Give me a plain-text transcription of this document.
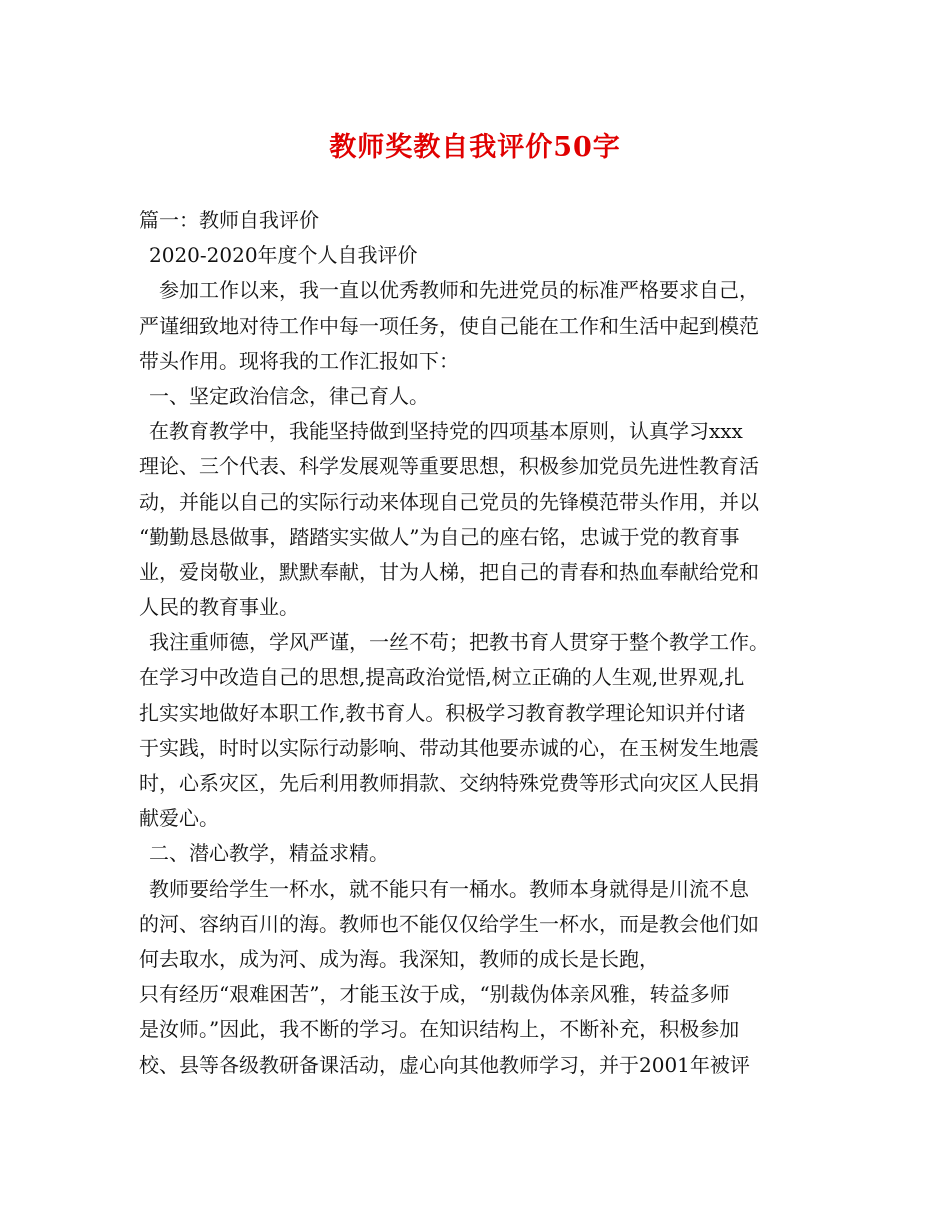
教师奖教自我评价50字

篇一：教师自我评价

2020-2020年度个人自我评价

参加工作以来，我一直以优秀教师和先进党员的标准严格要求自己，

严谨细致地对待工作中每一项任务，使自己能在工作和生活中起到模范

带头作用。现将我的工作汇报如下：

一、坚定政治信念，律己育人。

在教育教学中，我能坚持做到坚持党的四项基本原则，认真学习xxx

理论、三个代表、科学发展观等重要思想，积极参加党员先进性教育活

动，并能以自己的实际行动来体现自己党员的先锋模范带头作用，并以

“勤勤恳恳做事，踏踏实实做人”为自己的座右铭，忠诚于党的教育事

业，爱岗敬业，默默奉献，甘为人梯，把自己的青春和热血奉献给党和

人民的教育事业。

我注重师德，学风严谨，一丝不苟；把教书育人贯穿于整个教学工作。

在学习中改造自己的思想,提高政治觉悟,树立正确的人生观,世界观,扎

扎实实地做好本职工作,教书育人。积极学习教育教学理论知识并付诸

于实践，时时以实际行动影响、带动其他要赤诚的心，在玉树发生地震

时，心系灾区，先后利用教师捐款、交纳特殊党费等形式向灾区人民捐

献爱心。

二、潜心教学，精益求精。

教师要给学生一杯水，就不能只有一桶水。教师本身就得是川流不息

的河、容纳百川的海。教师也不能仅仅给学生一杯水，而是教会他们如

何去取水，成为河、成为海。我深知，教师的成长是长跑，

只有经历“艰难困苦”，才能玉汝于成，“别裁伪体亲风雅，转益多师

是汝师。”因此，我不断的学习。在知识结构上，不断补充，积极参加

校、县等各级教研备课活动，虚心向其他教师学习，并于2001年被评
